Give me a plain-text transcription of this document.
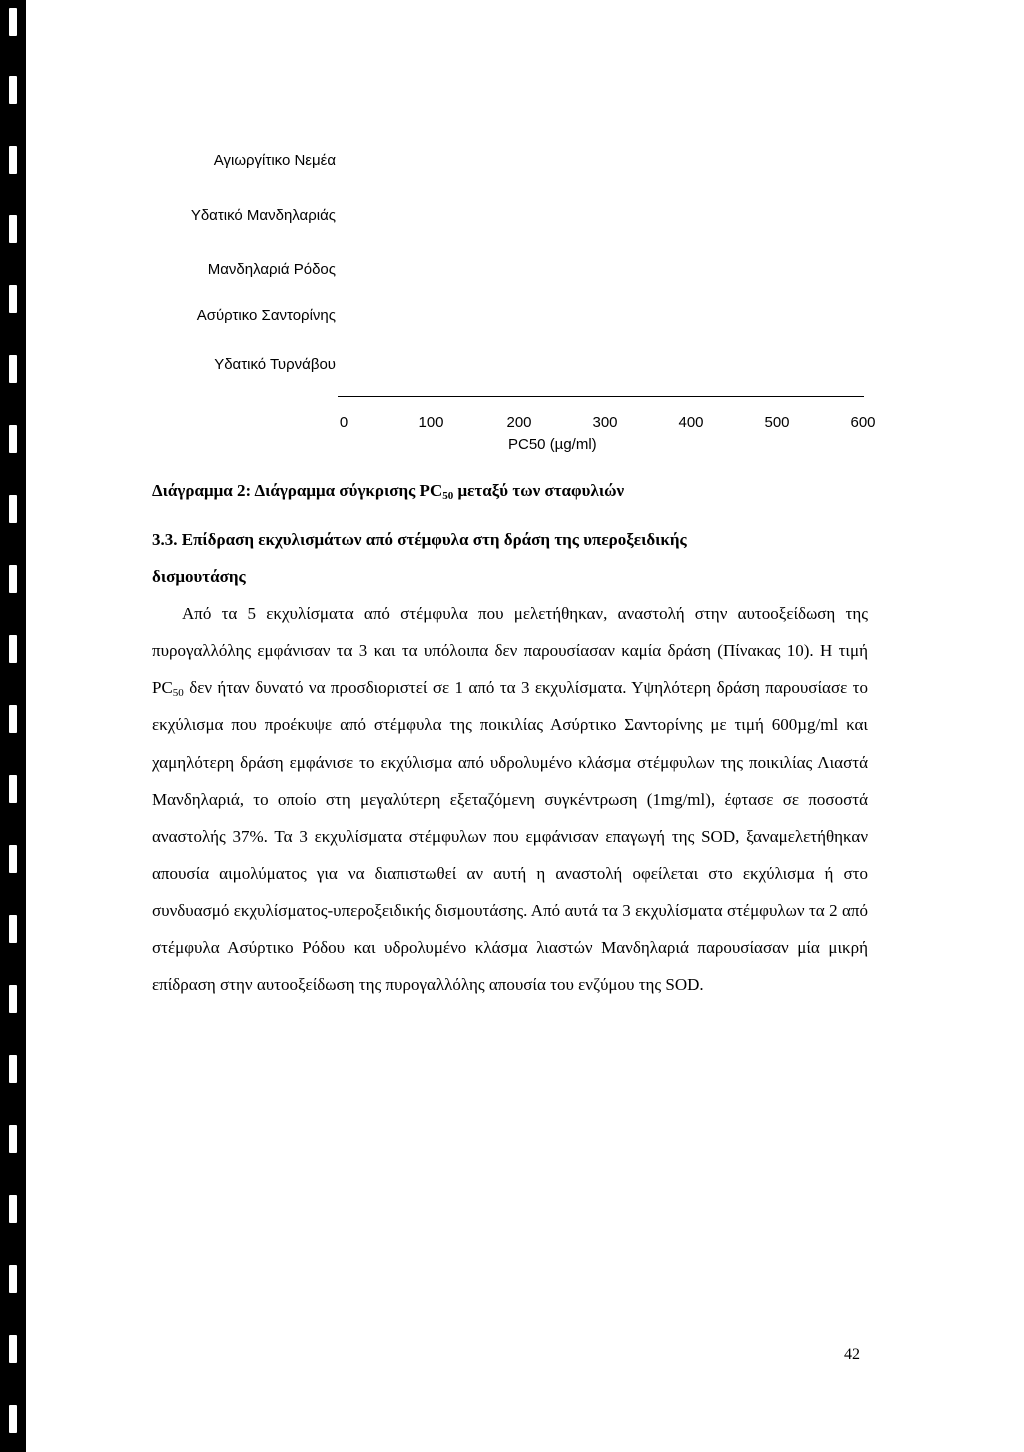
Αγιωργίτικο Νεμέα
Υδατικό Μανδηλαριάς
Μανδηλαριά Ρόδος
Ασύρτικο Σαντορίνης
Υδατικό Τυρνάβου
0	100	200	300	400	500	600
PC50 (µg/ml)
Διάγραμμα 2: Διάγραμμα σύγκρισης $PC_{50}$ μεταξύ των σταφυλιών

3.3. Επίδραση εκχυλισμάτων από στέμφυλα στη δράση της υπεροξειδικής
δισμουτάσης

Από τα 5 εκχυλίσματα από στέμφυλα που μελετήθηκαν, αναστολή στην αυτοοξείδωση της πυρογαλλόλης εμφάνισαν τα 3 και τα υπόλοιπα δεν παρουσίασαν καμία δράση (Πίνακας 10). Η τιμή $PC_{50}$ δεν ήταν δυνατό να προσδιοριστεί σε 1 από τα 3 εκχυλίσματα. Υψηλότερη δράση παρουσίασε το εκχύλισμα που προέκυψε από στέμφυλα της ποικιλίας Ασύρτικο Σαντορίνης με τιμή 600µg/ml και χαμηλότερη δράση εμφάνισε το εκχύλισμα από υδρολυμένο κλάσμα στέμφυλων της ποικιλίας Λιαστά Μανδηλαριά, το οποίο στη μεγαλύτερη εξεταζόμενη συγκέντρωση (1mg/ml), έφτασε σε ποσοστά αναστολής 37%. Τα 3 εκχυλίσματα στέμφυλων που εμφάνισαν επαγωγή της SOD, ξαναμελετήθηκαν απουσία αιμολύματος για να διαπιστωθεί αν αυτή η αναστολή οφείλεται στο εκχύλισμα ή στο συνδυασμό εκχυλίσματος-υπεροξειδικής δισμουτάσης. Από αυτά τα 3 εκχυλίσματα στέμφυλων τα 2 από στέμφυλα Ασύρτικο Ρόδου και υδρολυμένο κλάσμα λιαστών Μανδηλαριά παρουσίασαν μία μικρή επίδραση στην αυτοοξείδωση της πυρογαλλόλης απουσία του ενζύμου της SOD.

42
